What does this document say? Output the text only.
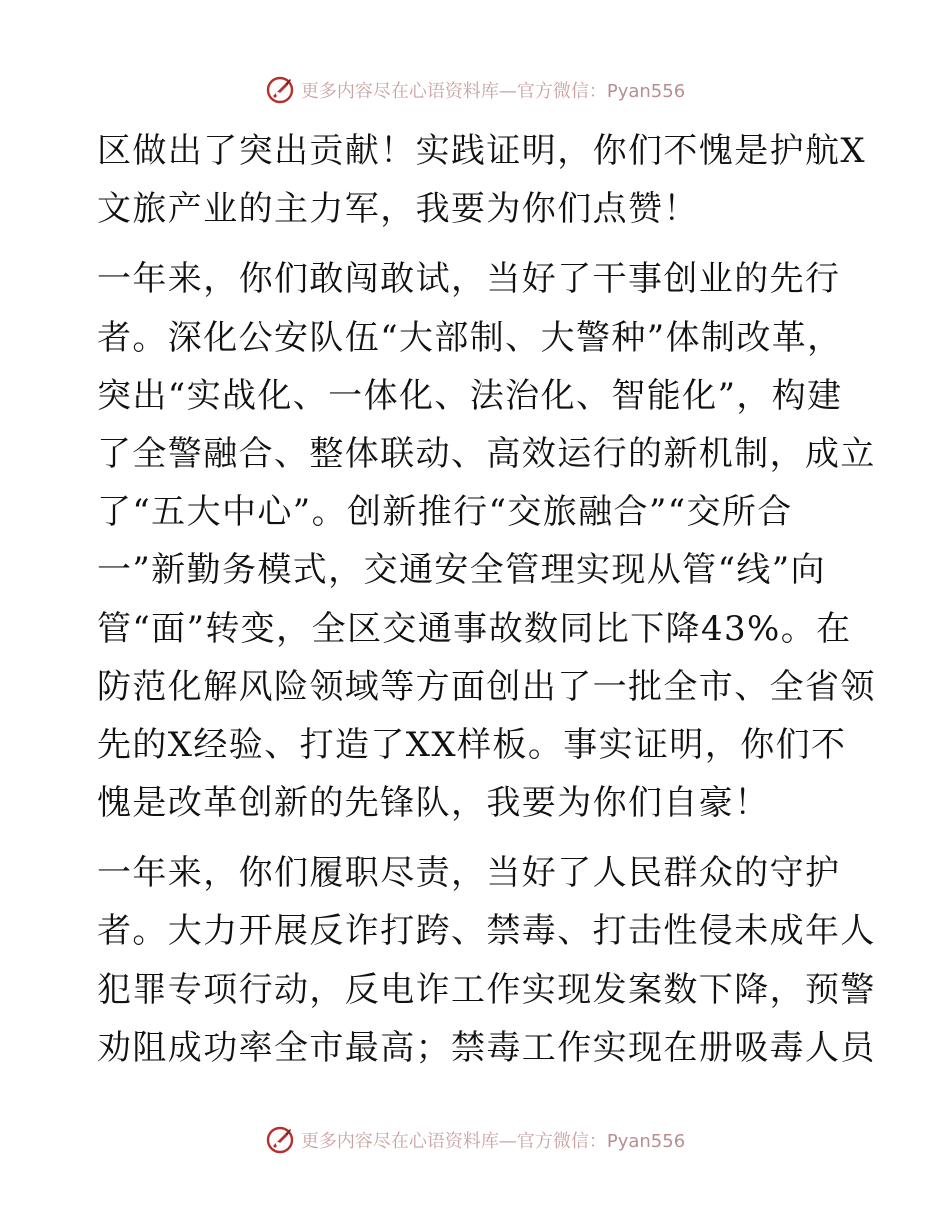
更多内容尽在心语资料库—官方微信：Pyan556
区做出了突出贡献！实践证明，你们不愧是护航X
文旅产业的主力军，我要为你们点赞！
一年来，你们敢闯敢试，当好了干事创业的先行
者。深化公安队伍“大部制、大警种”体制改革，
突出“实战化、一体化、法治化、智能化”，构建
了全警融合、整体联动、高效运行的新机制，成立
了“五大中心”。创新推行“交旅融合”“交所合
一”新勤务模式，交通安全管理实现从管“线”向
管“面”转变，全区交通事故数同比下降43%。在
防范化解风险领域等方面创出了一批全市、全省领
先的X经验、打造了XX样板。事实证明，你们不
愧是改革创新的先锋队，我要为你们自豪！
一年来，你们履职尽责，当好了人民群众的守护
者。大力开展反诈打跨、禁毒、打击性侵未成年人
犯罪专项行动，反电诈工作实现发案数下降，预警
劝阻成功率全市最高；禁毒工作实现在册吸毒人员
更多内容尽在心语资料库—官方微信：Pyan556
